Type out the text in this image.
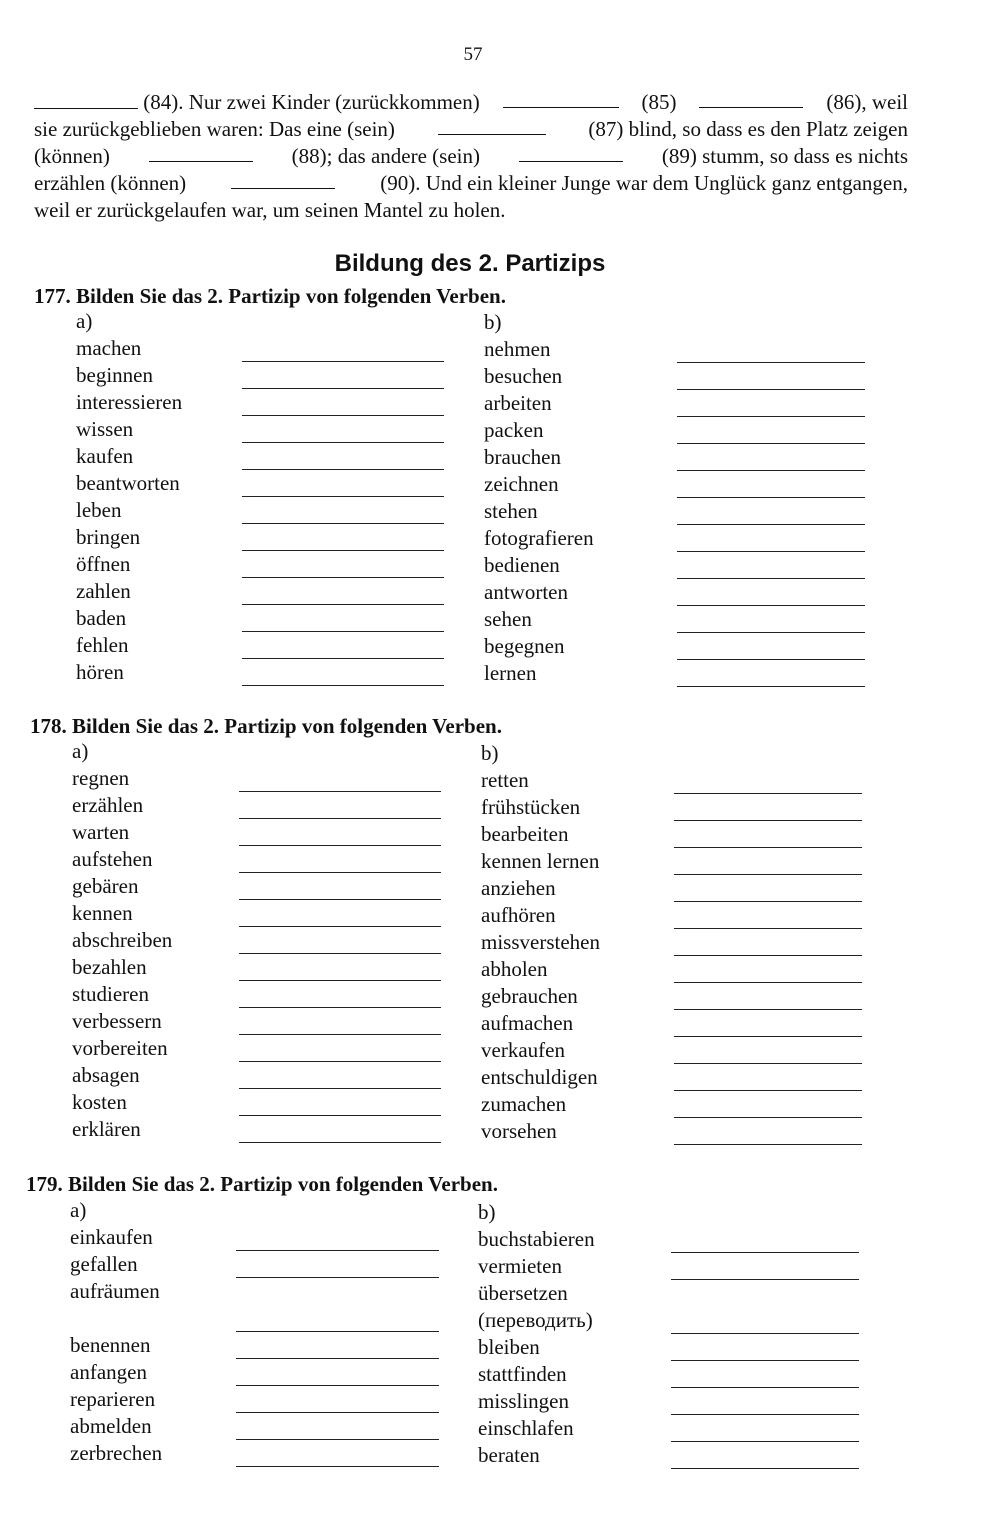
57

(84). Nur zwei Kinder (zurückkommen)	(85)	(86), weil

sie zurückgeblieben waren: Das eine (sein)	(87) blind, so dass es den Platz zeigen

(können)	(88); das andere (sein)	(89) stumm, so dass es nichts

erzählen (können)	(90). Und ein kleiner Junge war dem Unglück ganz entgangen,

weil er zurückgelaufen war, um seinen Mantel zu holen.

Bildung des 2. Partizips
177. Bilden Sie das 2. Partizip von folgenden Verben.
a)
machen
beginnen
interessieren
wissen
kaufen
beantworten
leben
bringen
öffnen
zahlen
baden
fehlen
hören
b)
nehmen
besuchen
arbeiten
packen
brauchen
zeichnen
stehen
fotografieren
bedienen
antworten
sehen
begegnen
lernen
178. Bilden Sie das 2. Partizip von folgenden Verben.
a)
regnen
erzählen
warten
aufstehen
gebären
kennen
abschreiben
bezahlen
studieren
verbessern
vorbereiten
absagen
kosten
erklären
b)
retten
frühstücken
bearbeiten
kennen lernen
anziehen
aufhören
missverstehen
abholen
gebrauchen
aufmachen
verkaufen
entschuldigen
zumachen
vorsehen
179. Bilden Sie das 2. Partizip von folgenden Verben.
a)
einkaufen
gefallen
aufräumen
benennen
anfangen
reparieren
abmelden
zerbrechen
b)
buchstabieren
vermieten
übersetzen
(переводить)
bleiben
stattfinden
misslingen
einschlafen
beraten
